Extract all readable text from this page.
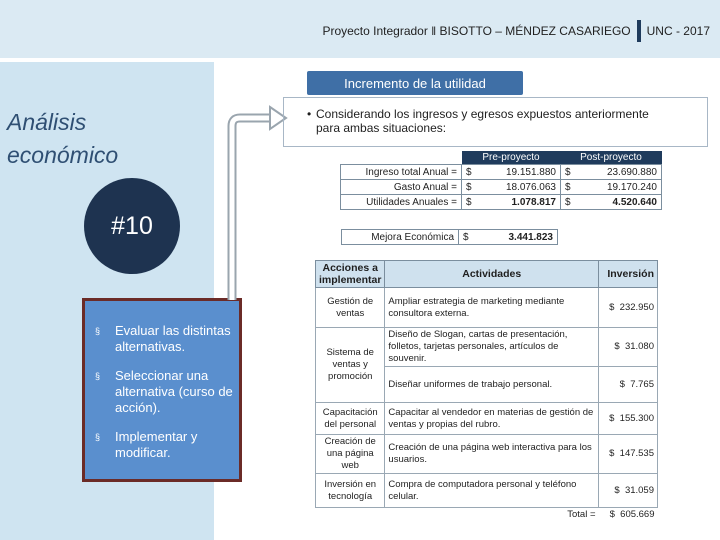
Proyecto Integrador ‖ BISOTTO – MÉNDEZ CASARIEGO UNC - 2017
Análisis
económico
#10
§ Evaluar las distintas alternativas.
§ Seleccionar una alternativa (curso de acción).
§ Implementar y modificar.
Incremento de la utilidad
• Considerando los ingresos y egresos expuestos anteriormente para ambas situaciones:
	Pre-proyecto		Post-proyecto	
Ingreso total Anual =	$	19.151.880	$	23.690.880
Gasto Anual =	$	18.076.063	$	19.170.240
Utilidades Anuales =	$	1.078.817	$	4.520.640
Mejora Económica	$	3.441.823
Acciones a implementar	Actividades	Inversión
Gestión de ventas	Ampliar estrategia de marketing mediante consultora externa.	$ 232.950
Sistema de ventas y promoción	Diseño de Slogan, cartas de presentación, folletos, tarjetas personales, artículos de souvenir.	$ 31.080
	Diseñar uniformes de trabajo personal.	$ 7.765
Capacitación del personal	Capacitar al vendedor en materias de gestión de ventas y propias del rubro.	$ 155.300
Creación de una página web	Creación de una página web interactiva para los usuarios.	$ 147.535
Inversión en tecnología	Compra de computadora personal y teléfono celular.	$ 31.059
	Total =	$ 605.669
